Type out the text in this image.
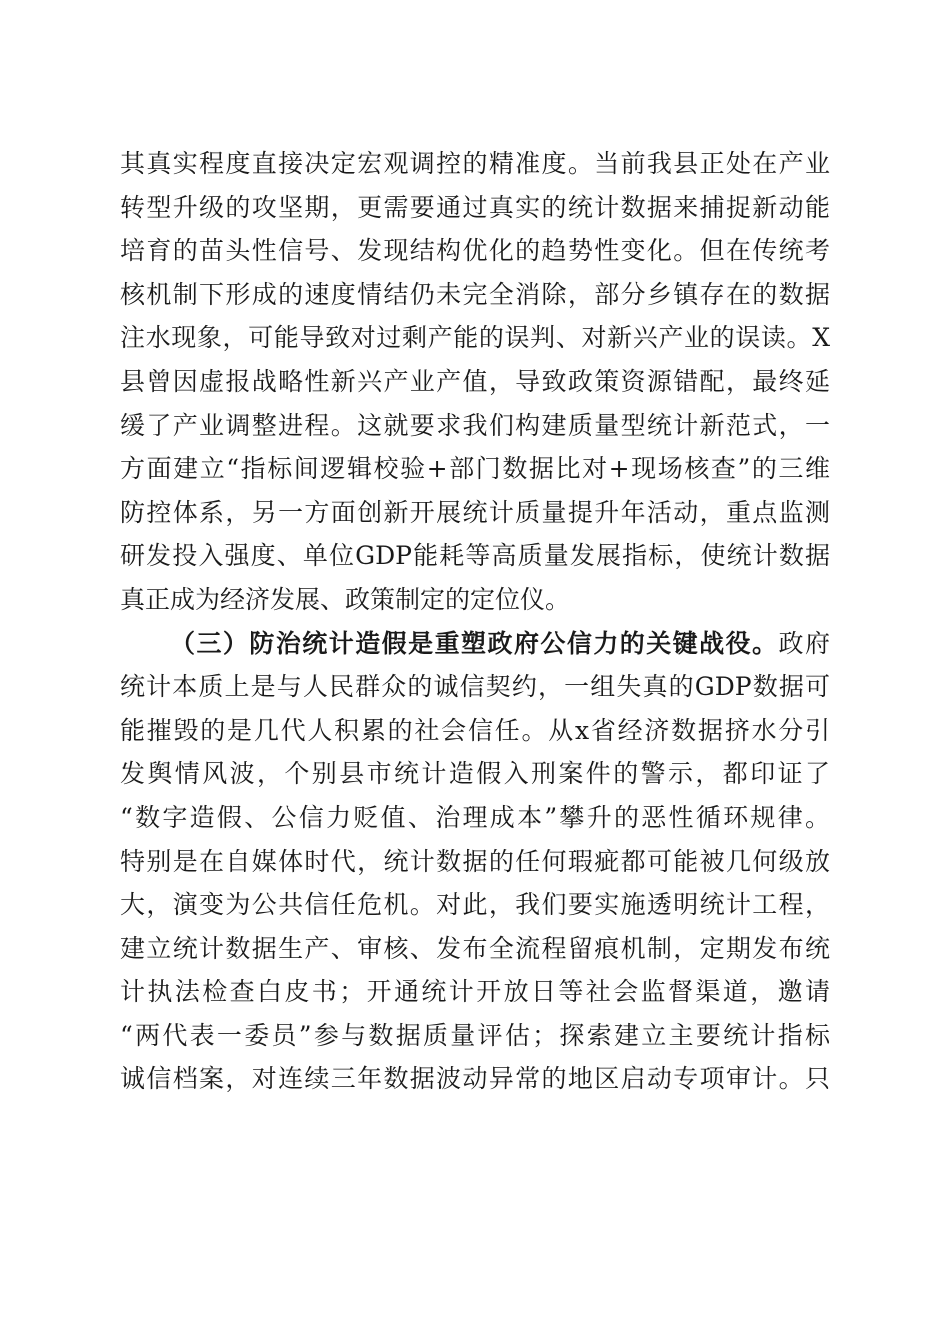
其真实程度直接决定宏观调控的精准度。当前我县正处在产业
转型升级的攻坚期，更需要通过真实的统计数据来捕捉新动能
培育的苗头性信号、发现结构优化的趋势性变化。但在传统考
核机制下形成的速度情结仍未完全消除，部分乡镇存在的数据
注水现象，可能导致对过剩产能的误判、对新兴产业的误读。X
县曾因虚报战略性新兴产业产值，导致政策资源错配，最终延
缓了产业调整进程。这就要求我们构建质量型统计新范式，一
方面建立“指标间逻辑校验+部门数据比对+现场核查”的三维
防控体系，另一方面创新开展统计质量提升年活动，重点监测
研发投入强度、单位GDP能耗等高质量发展指标，使统计数据
真正成为经济发展、政策制定的定位仪。
（三）防治统计造假是重塑政府公信力的关键战役。政府
统计本质上是与人民群众的诚信契约，一组失真的GDP数据可
能摧毁的是几代人积累的社会信任。从x省经济数据挤水分引
发舆情风波，个别县市统计造假入刑案件的警示，都印证了
“数字造假、公信力贬值、治理成本”攀升的恶性循环规律。
特别是在自媒体时代，统计数据的任何瑕疵都可能被几何级放
大，演变为公共信任危机。对此，我们要实施透明统计工程，
建立统计数据生产、审核、发布全流程留痕机制，定期发布统
计执法检查白皮书；开通统计开放日等社会监督渠道，邀请
“两代表一委员”参与数据质量评估；探索建立主要统计指标
诚信档案，对连续三年数据波动异常的地区启动专项审计。只
